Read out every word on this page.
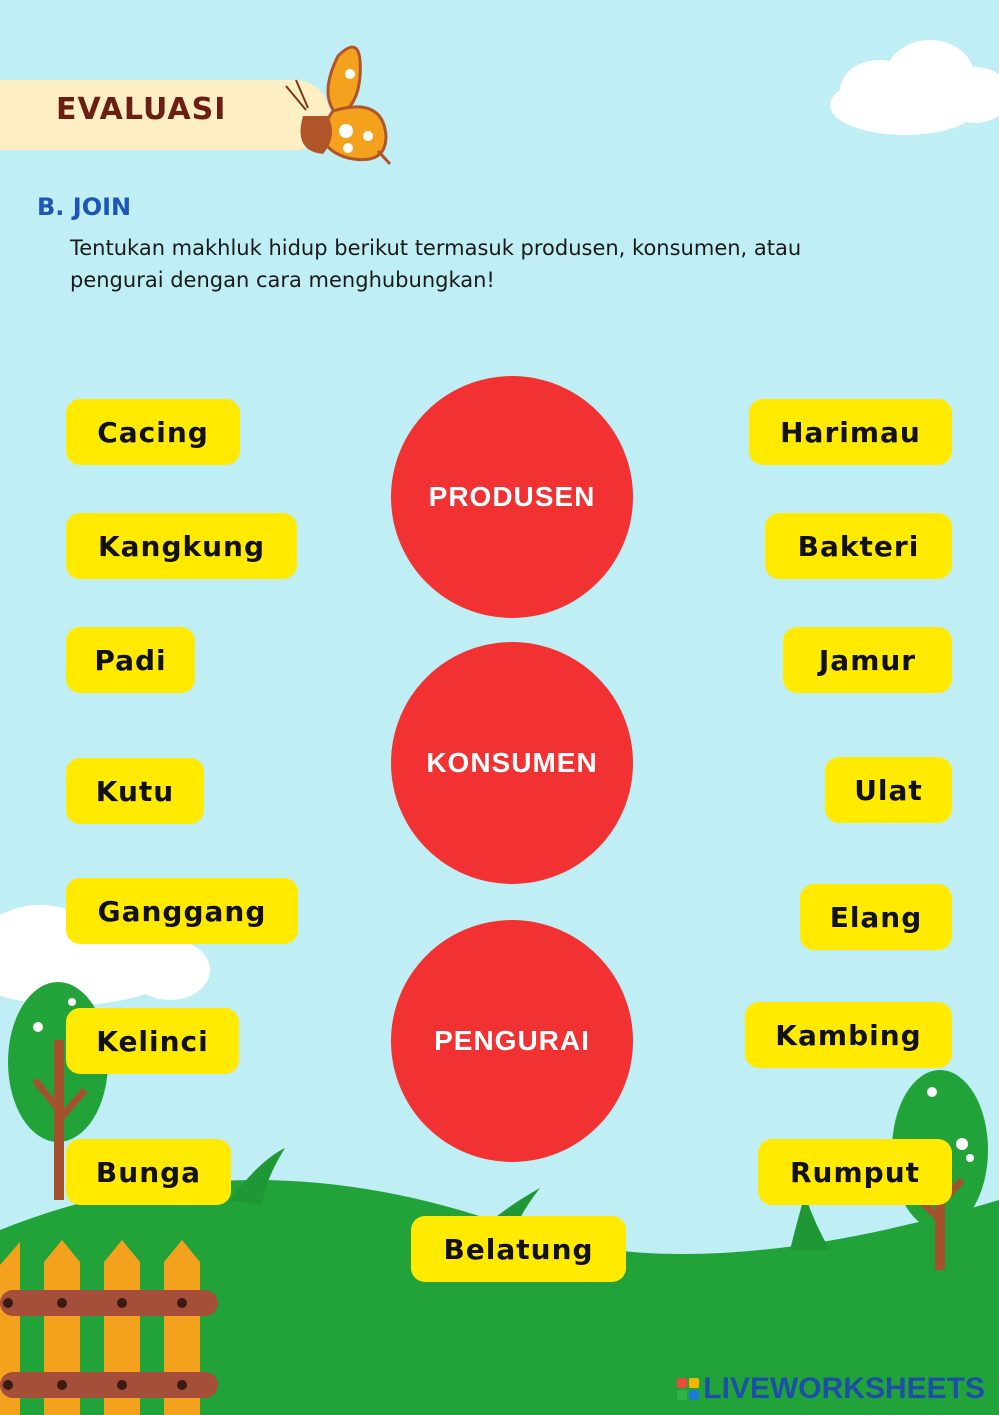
EVALUASI
B. JOIN
Tentukan makhluk hidup berikut termasuk produsen, konsumen, atau pengurai dengan cara menghubungkan!
PRODUSEN
KONSUMEN
PENGURAI
Cacing
Kangkung
Padi
Kutu
Ganggang
Kelinci
Bunga
Harimau
Bakteri
Jamur
Ulat
Elang
Kambing
Rumput
Belatung
LIVEWORKSHEETS
